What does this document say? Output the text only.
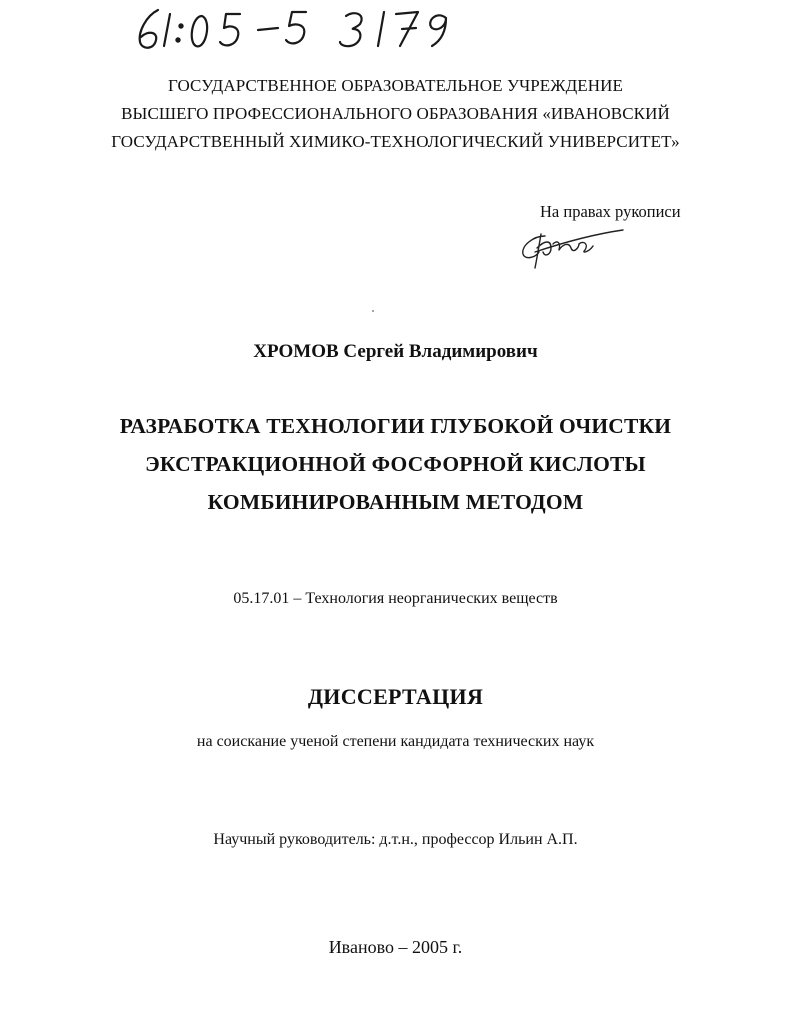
ГОСУДАРСТВЕННОЕ ОБРАЗОВАТЕЛЬНОЕ УЧРЕЖДЕНИЕ
ВЫСШЕГО ПРОФЕССИОНАЛЬНОГО ОБРАЗОВАНИЯ «ИВАНОВСКИЙ
ГОСУДАРСТВЕННЫЙ ХИМИКО-ТЕХНОЛОГИЧЕСКИЙ УНИВЕРСИТЕТ»
На правах рукописи
ХРОМОВ Сергей Владимирович
РАЗРАБОТКА ТЕХНОЛОГИИ ГЛУБОКОЙ ОЧИСТКИ
ЭКСТРАКЦИОННОЙ ФОСФОРНОЙ КИСЛОТЫ
КОМБИНИРОВАННЫМ МЕТОДОМ
05.17.01 – Технология неорганических веществ
ДИССЕРТАЦИЯ
на соискание ученой степени кандидата технических наук
Научный руководитель: д.т.н., профессор Ильин А.П.
Иваново – 2005 г.
